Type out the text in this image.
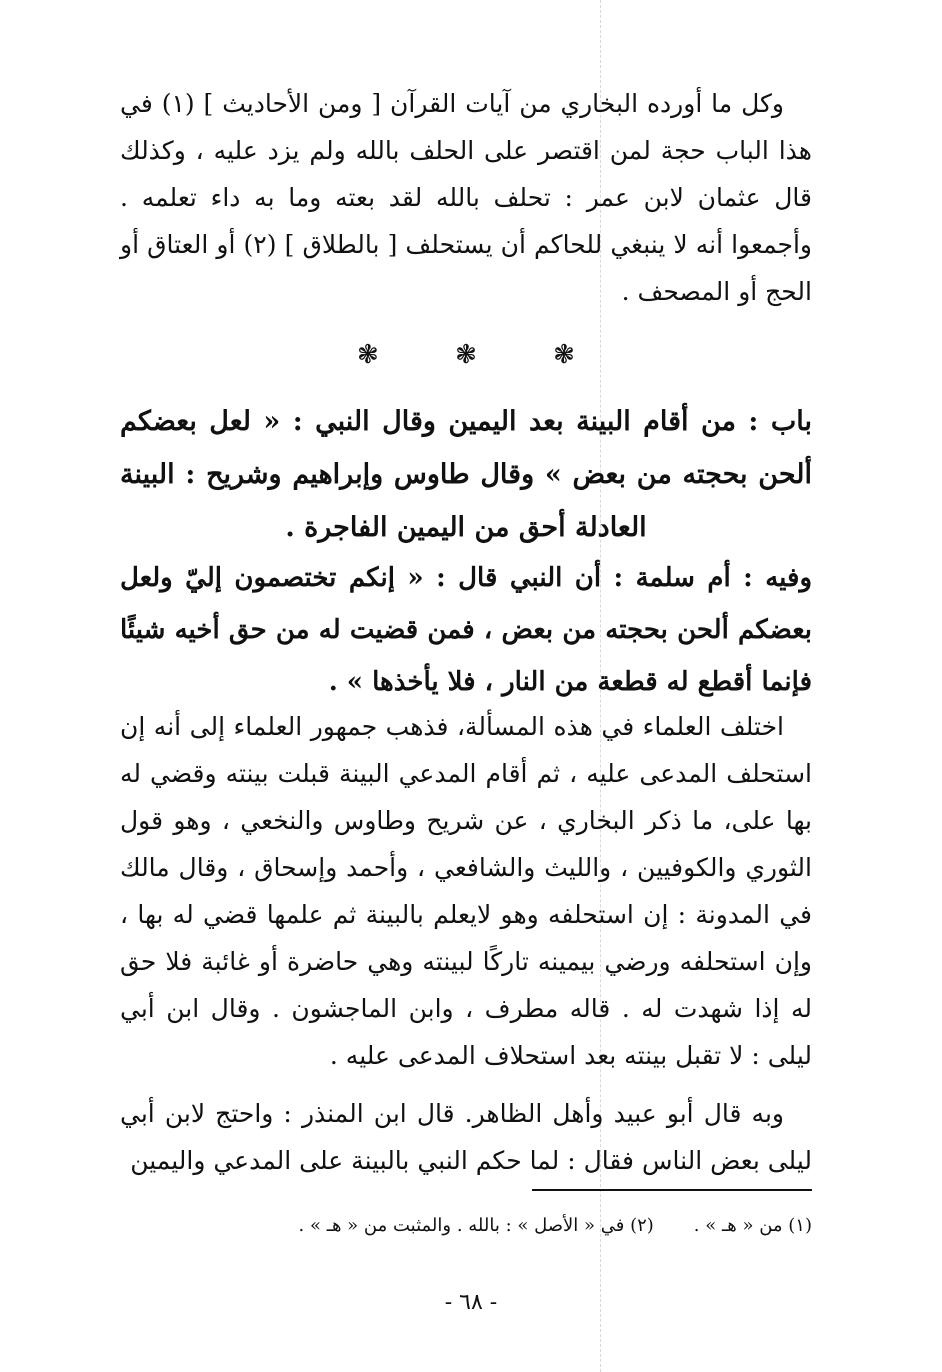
وكل ما أورده البخاري من آيات القرآن [ ومن الأحاديث ] (١) في هذا الباب حجة لمن اقتصر على الحلف بالله ولم يزد عليه ، وكذلك قال عثمان لابن عمر : تحلف بالله لقد بعته وما به داء تعلمه . وأجمعوا أنه لا ينبغي للحاكم أن يستحلف [ بالطلاق ] (٢) أو العتاق أو الحج أو المصحف .

❃	❃	❃

باب : من أقام البينة بعد اليمين وقال النبي : « لعل بعضكم ألحن بحجته من بعض » وقال طاوس وإبراهيم وشريح : البينة العادلة أحق من اليمين الفاجرة .

وفيه : أم سلمة : أن النبي قال : « إنكم تختصمون إليّ ولعل بعضكم ألحن بحجته من بعض ، فمن قضيت له من حق أخيه شيئًا فإنما أقطع له قطعة من النار ، فلا يأخذها » .

اختلف العلماء في هذه المسألة، فذهب جمهور العلماء إلى أنه إن استحلف المدعى عليه ، ثم أقام المدعي البينة قبلت بينته وقضي له بها على، ما ذكر البخاري ، عن شريح وطاوس والنخعي ، وهو قول الثوري والكوفيين ، والليث والشافعي ، وأحمد وإسحاق ، وقال مالك في المدونة : إن استحلفه وهو لايعلم بالبينة ثم علمها قضي له بها ، وإن استحلفه ورضي بيمينه تاركًا لبينته وهي حاضرة أو غائبة فلا حق له إذا شهدت له . قاله مطرف ، وابن الماجشون . وقال ابن أبي ليلى : لا تقبل بينته بعد استحلاف المدعى عليه .

وبه قال أبو عبيد وأهل الظاهر. قال ابن المنذر : واحتج لابن أبي ليلى بعض الناس فقال : لما حكم النبي بالبينة على المدعي واليمين

(١) من « هـ » .
(٢) في « الأصل » : بالله . والمثبت من « هـ » .
- ٦٨ -
